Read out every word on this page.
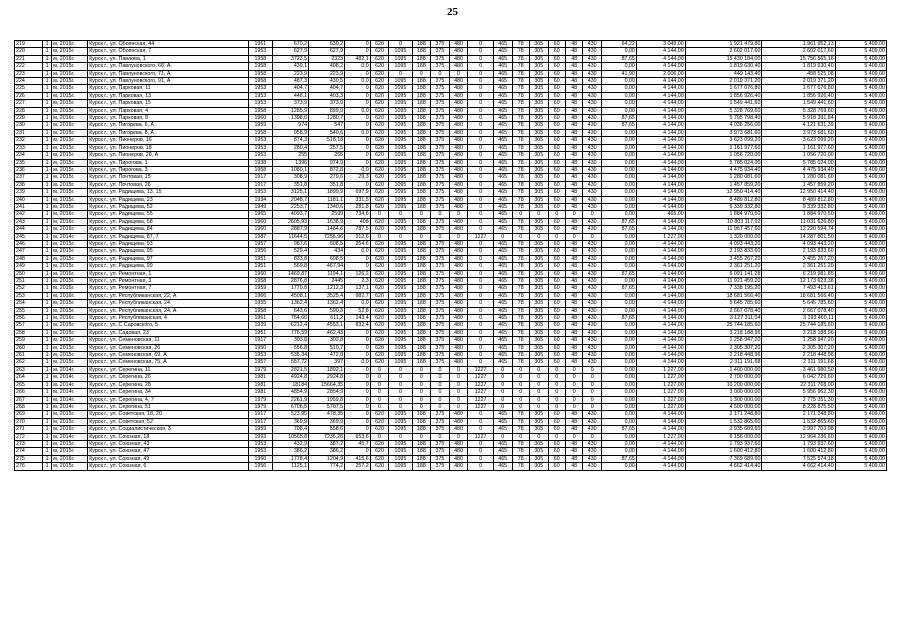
25
219	1	м, 2016г.	Курск г., ул. Обоянская, 44	1961	670,2	630,2	0	620	0	188	375	480	0	465	78	305	60	48	430	64,22	3 049,00	1 921 479,80	1 961 952,13	5 409,00
220	1	м, 2015г.	Курск г., ул. Обоянская, 7	1953	627,9	627,9	0	620	1095	188	375	480	0	465	78	305	60	48	430	0,00	4 144,00	2 602 017,60	2 602 017,60	5 409,00
221	1	м, 2016г.	Курск г., ул. Павлова, 1	1958	3723,5	2323	482,1	620	1095	188	375	480	0	465	78	305	60	48	430	87,65	4 144,00	15 430 184,00	15 756 565,16	5 409,00
222	1	м, 2015г.	Курск г., ул. Павлуновского, 68, А	1958	439,1	408,2	0,0	620	1095	188	375	480	0	465	78	305	60	48	430	0,00	4 144,00	1 819 630,40	1 819 630,40	5 409,00
223	1	м, 2016г.	Курск г., ул. Павлуновского, 71, А	1958	223,9	223,9	0	620	0	0	0	0	0	465	78	305	60	48	430	41,90	2 006,00	449 143,40	458 525,08	5 409,00
224	1	м, 2015г.	Курск г., ул. Павлуновского, 91, А	1958	487,3	430,5	0,0	620	1095	188	375	480	0	465	78	305	60	48	430	0,00	4 144,00	2 019 371,20	2 019 371,20	5 409,00
225	1	м, 2015г.	Курск г., ул. Парковая, 11	1953	404,7	404,7	0	620	1095	188	375	480	0	465	78	305	60	48	430	0,00	4 144,00	1 677 076,80	1 677 076,80	5 409,00
226	1	м, 2015г.	Курск г., ул. Парковая, 13	1953	448,1	403,3	0	620	1095	188	375	480	0	465	78	305	60	48	430	0,00	4 144,00	1 856 926,40	1 856 926,40	5 409,00
227	1	м, 2015г.	Курск г., ул. Парковая, 15	1953	373,9	373,9	0	620	1095	188	375	480	0	465	78	305	60	48	430	0,00	4 144,00	1 549 441,60	1 549 441,60	5 409,00
228	1	м, 2015г.	Курск г., ул. Парковая, 4	1958	1285,9	899,9	0,0	620	1095	188	375	480	0	465	78	305	60	48	430	0,00	4 144,00	5 328 769,60	5 328 769,60	5 409,00
229	1	м, 2016г.	Курск г., ул. Парковая, 8	1960	1398,6	1280,7	0	620	1095	188	375	480	0	465	78	305	60	48	430	87,65	4 144,00	5 795 798,40	5 918 391,84	5 409,00
230	1	м, 2016г.	Курск г., ул. Пигорева, 6, А	1959	974	547	0	620	1095	188	375	480	0	465	78	305	60	48	430	87,65	4 144,00	4 036 256,00	4 121 631,39	5 409,00
231	1	м, 2015г.	Курск г., ул. Пигорева, 8, А	1958	958,9	540,6	0,0	620	1095	188	375	480	0	465	78	305	60	48	430	0,00	4 144,00	3 973 681,60	3 973 681,60	5 409,00
232	1	м, 2015г.	Курск г., ул. Пионеров, 16	1953	874,3	518,18	0	620	1095	188	375	480	0	465	78	305	60	48	430	0,00	4 144,00	3 623 099,20	3 623 099,20	5 409,00
233	1	м, 2015г.	Курск г., ул. Пионеров, 18	1953	280,4	257,5	0	620	1095	188	375	480	0	465	78	305	60	48	430	0,00	4 144,00	1 161 977,60	1 161 977,60	5 409,00
234	1	м, 2015г.	Курск г., ул. Пионеров, 28, А	1953	255	255	0	620	1095	188	375	480	0	465	78	305	60	48	430	0,00	4 144,00	1 056 720,00	1 056 720,00	5 409,00
235	1	м, 2015г.	Курск г., ул. Пирогова, 1	1938	1396	974,9	0	620	1095	188	375	480	0	465	78	305	60	48	430	0,00	4 144,00	5 785 024,00	5 785 024,00	5 409,00
236	1	м, 2015г.	Курск г., ул. Пирогова, 3	1958	1080,1	872,8	0,0	620	1095	188	375	480	0	465	78	305	60	48	430	0,00	4 144,00	4 475 934,40	4 475 934,40	5 409,00
237	1	м, 2015г.	Курск г., ул. Почтовая, 15	1917	308,9	279,6	29,3	620	1095	188	375	480	0	465	78	305	60	48	430	0,00	4 144,00	1 280 081,60	1 280 081,60	5 409,00
238	1	м, 2015г.	Курск г., ул. Почтовая, 26	1917	351,8	351,8	0	620	1095	188	375	480	0	465	78	305	60	48	430	0,00	4 144,00	1 457 859,20	1 457 859,20	5 409,00
239	1	м, 2015г.	Курск г., ул. Радищева, 13, 15	1953	3125,1	1899,9	697,9	620	1095	188	375	480	0	465	78	305	60	48	430	0,00	4 144,00	12 950 414,40	12 950 414,40	5 409,00
240	1	м, 2015г.	Курск г., ул. Радищева, 23	1934	2048,7	1181,1	331,5	620	1095	188	375	480	0	465	78	305	60	48	430	0,00	4 144,00	8 489 812,80	8 489 812,80	5 409,00
241	1	м, 2015г.	Курск г., ул. Радищева, 52	1949	2253,7	1340,6	281,8	620	1095	188	375	480	0	465	78	305	60	48	430	0,00	4 144,00	9 339 332,80	9 339 332,80	5 409,00
242	1	м, 2016г.	Курск г., ул. Радищева, 55	1965	4093,7	2599	734,6	0	0	0	0	0	0	465	0	0	0	0	0	0,00	465,00	1 884 970,50	1 884 970,50	5 409,00
243	1	м, 2016г.	Курск г., ул. Радищева, 58	1960	2605,93	1638,9	408	620	1095	188	375	480	0	465	78	305	60	48	430	87,65	4 144,00	10 803 117,92	11 031 626,80	5 409,00
244	1	м, 2016г.	Курск г., ул. Радищева, 84	1960	2887,9	1464,6	787,5	620	1095	188	375	480	0	465	78	305	60	48	430	87,65	4 144,00	11 967 457,60	12 220 594,74	5 409,00
245	1	м, 2014г.	Курск г., ул. Радищева, 87, 7	1987	11644,5	7256,96	912,6	0	0	0	0	0	1227	0	0	0	0	0	0	0,00	1 227,00	1 320 000,00	14 287 801,50	5 409,00
246	1	м, 2015г.	Курск г., ул. Радищева, 93	1957	987,6	608,5	254,6	620	1095	188	375	480	0	465	78	305	60	48	430	0,00	4 144,00	4 093 443,20	4 093 443,20	5 409,00
247	1	м, 2015г.	Курск г., ул. Радищева, 95	1956	529,4	434	0,0	620	1095	188	375	480	0	465	78	305	60	48	430	0,00	4 144,00	2 193 833,60	2 193 833,60	5 409,00
248	1	м, 2015г.	Курск г., ул. Радищева, 97	1951	833,8	608,5	0	620	1095	188	375	480	0	465	78	305	60	48	430	0,00	4 144,00	3 455 267,20	3 455 267,20	5 409,00
249	1	м, 2015г.	Курск г., ул. Радищева, 99	1951	569,8	467,94	0	620	1095	188	375	480	0	465	78	305	60	48	430	0,00	4 144,00	2 361 251,20	2 361 251,20	5 409,00
250	1	м, 2016г.	Курск г., ул. Ремонтная, 1	1960	1469,87	1194,1	126,2	620	1095	188	375	480	0	465	78	305	60	48	430	87,65	4 144,00	6 091 141,28	6 219 981,85	5 409,00
251	1	м, 2015г.	Курск г., ул. Ремонтная, 3	1958	2876,8	2445	2,3	620	1095	188	375	480	0	465	78	305	60	48	430	0,00	4 144,00	11 921 459,20	12 173 623,38	5 409,00
252	1	м, 2016г.	Курск г., ул. Ремонтная, 7	1959	1770,8	1212,3	137,1	620	1095	188	375	480	0	465	78	305	60	48	430	87,65	4 144,00	7 338 195,20	7 493 413,61	5 409,00
253	1	м, 2016г.	Курск г., ул. Республиканская, 22, А	1966	4508,1	3525,4	982,7	620	1095	188	375	480	0	465	78	305	60	48	430	0,00	4 144,00	18 681 566,40	18 681 566,40	5 409,00
254	1	м, 2015г.	Курск г., ул. Республиканская, 24	1955	1362,4	1362,4	0,0	620	1095	188	375	480	0	465	78	305	60	48	430	0,00	4 144,00	5 645 785,60	5 645 785,60	5 409,00
255	1	м, 2015г.	Курск г., ул. Республиканская, 24, А	1958	643,6	590,8	52,8	620	1095	188	375	480	0	465	78	305	60	48	430	0,00	4 144,00	2 667 078,40	2 667 078,40	5 409,00
256	1	м, 2016г.	Курск г., ул. Республиканская, 4	1961	754,66	611,2	143,4	620	1095	188	375	480	0	465	78	305	60	48	430	87,65	4 144,00	3 127 311,04	3 193 460,11	5 409,00
257	1	м, 2015г.	Курск г., ул. С.Саровского, 5	1939	6212,4	4553,1	832,4	620	1095	188	375	480	0	465	78	305	60	48	430	0,00	4 144,00	25 744 185,60	25 744 185,60	5 409,00
258	1	м, 2015г.	Курск г., ул. Садовая, 23	1951	776,59	462,43	0	620	1095	188	375	480	0	465	78	305	60	48	430	0,00	4 144,00	3 218 188,96	3 218 188,96	5 409,00
259	1	м, 2015г.	Курск г., ул. Семеновская, 11	1917	303,8	303,8	0	620	1095	188	375	480	0	465	78	305	60	48	430	0,00	4 144,00	1 258 947,20	1 258 947,20	5 409,00
260	1	м, 2015г.	Курск г., ул. Семеновская, 26	1950	556,8	510,7	0	620	1095	188	375	480	0	465	78	305	60	48	430	0,00	4 144,00	2 305 307,20	2 305 307,20	5 409,00
261	1	м, 2015г.	Курск г., ул. Семеновская, 69, А	1953	535,34	472,8	0	620	1095	188	375	480	0	465	78	305	60	48	430	0,00	4 144,00	2 218 448,96	2 218 448,96	5 409,00
262	1	м, 2015г.	Курск г., ул. Семеновская, 75, А	1957	557,72	397	0,0	620	1095	188	375	480	0	465	78	305	60	48	430	0,00	4 144,00	2 311 191,68	2 311 191,68	5 409,00
263	1	м, 2014г.	Курск г., ул. Серегина, 11	1979	2821,5	1892,1	0	0	0	0	0	0	1227	0	0	0	0	0	0	0,00	1 227,00	1 400 000,00	3 461 980,50	5 409,00
264	1	м, 2014г.	Курск г., ул. Серегина, 26	1981	4924,8	2924,8	0	0	0	0	0	0	1227	0	0	0	0	0	0	0,00	1 227,00	2 700 000,00	6 042 729,60	5 409,00
265	1	м, 2014г.	Курск г., ул. Серегина, 28	1981	18184	15664,35	0	0	0	0	0	0	1227	0	0	0	0	0	0	0,00	1 227,00	10 200 000,00	22 311 768,00	5 409,00
266	1	м, 2014г.	Курск г., ул. Серегина, 34	1981	4854,9	2854,9	0	0	0	0	0	0	1227	0	0	0	0	0	0	0,00	1 227,00	3 000 000,00	5 956 962,30	5 409,00
267	1	м, 2014г.	Курск г., ул. Серегина, 4, 7	1979	2261,9	1959,8	0	0	0	0	0	0	1227	0	0	0	0	0	0	0,00	1 227,00	1 300 000,00	2 775 351,30	5 409,00
268	1	м, 2014г.	Курск г., ул. Серегина, 51	1979	6706,5	5707,5	0	0	0	0	0	0	1227	0	0	0	0	0	0	0,00	1 227,00	4 500 000,00	8 228 875,50	5 409,00
269	1	м, 2015г.	Курск г., ул. Советская, 18, 20	1917	523,95	478,35	0	620	1095	188	375	480	0	465	78	305	60	48	430	0,00	4 144,00	2 171 248,80	2 171 248,80	5 409,00
270	1	м, 2015г.	Курск г., ул. Советская, 52	1917	369,9	369,9	0	620	1095	188	375	480	0	465	78	305	60	48	430	0,00	4 144,00	1 532 865,60	1 532 865,60	5 409,00
271	1	м, 2016г.	Курск г., ул. Социалистическая, 3	1959	708,4	558,6	0	620	1095	188	375	480	0	465	78	305	60	48	430	87,65	4 144,00	2 935 609,60	2 997 703,98	5 409,00
272	1	м, 2014г.	Курск г., ул. Союзная, 18	1993	10565,8	7236,26	653,6	0	0	0	0	0	1227	0	0	0	0	0	0	0,00	1 227,00	6 156 000,00	12 964 236,60	5 409,00
273	1	м, 2015г.	Курск г., ул. Союзная, 43	1953	432,9	387,2	45,7	620	1095	188	375	480	0	465	78	305	60	48	430	0,00	4 144,00	1 793 937,60	1 793 937,60	5 409,00
274	1	м, 2015г.	Курск г., ул. Союзная, 47	1953	386,2	386,2	0	620	1095	188	375	480	0	465	78	305	60	48	430	0,00	4 144,00	1 600 412,80	1 600 412,80	5 409,00
275	1	м, 2016г.	Курск г., ул. Союзная, 49	1960	1778,4	1204,9	415,6	620	1095	188	375	480	0	465	78	305	60	48	430	87,65	4 144,00	7 369 689,60	7 525 574,18	5 409,00
276	1	м, 2015г.	Курск г., ул. Союзная, 6	1956	1125,1	774,2	257,2	620	1095	188	375	480	0	465	78	305	60	48	430	0,00	4 144,00	4 662 414,40	4 662 414,40	5 409,00
